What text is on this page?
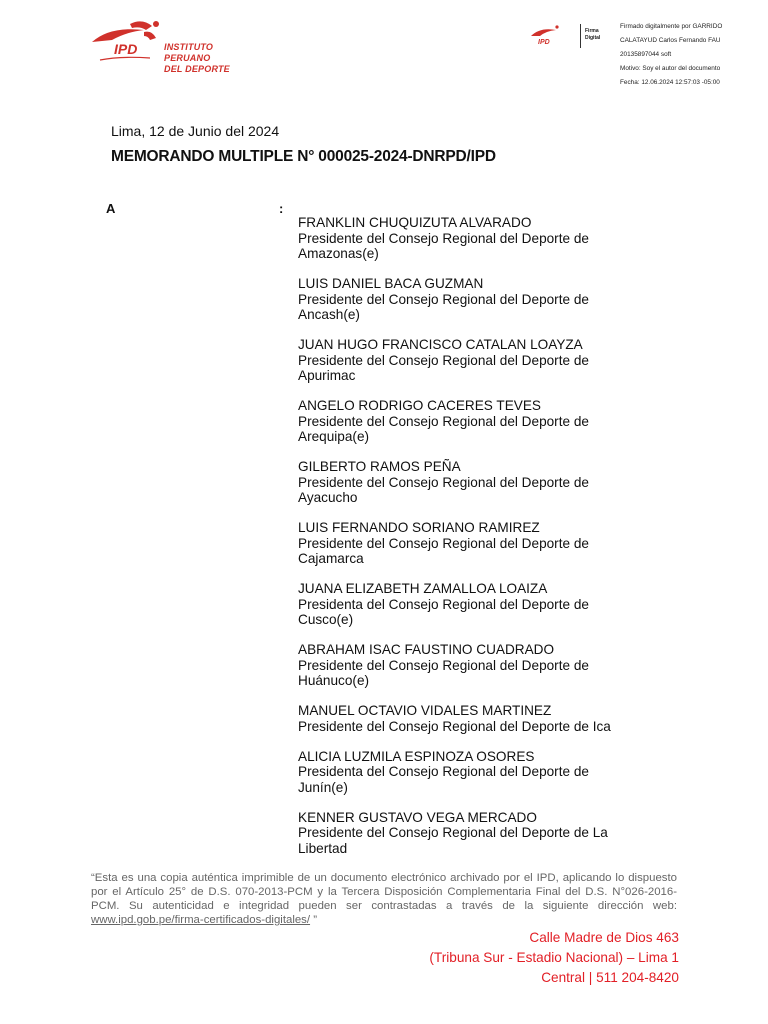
IPD	INSTITUTO
PERUANO
DEL DEPORTE
IPD
Firma
Digital

Firmado digitalmente por GARRIDO

CALATAYUD Carlos Fernando FAU

20135897044 soft

Motivo: Soy el autor del documento

Fecha: 12.06.2024 12:57:03 -05:00

Lima, 12 de Junio del 2024
MEMORANDO MULTIPLE N° 000025-2024-DNRPD/IPD
A	:
FRANKLIN CHUQUIZUTA ALVARADO
Presidente del Consejo Regional del Deporte de Amazonas(e)
LUIS DANIEL BACA GUZMAN
Presidente del Consejo Regional del Deporte de Ancash(e)
JUAN HUGO FRANCISCO CATALAN LOAYZA
Presidente del Consejo Regional del Deporte de Apurimac
ANGELO RODRIGO CACERES TEVES
Presidente del Consejo Regional del Deporte de Arequipa(e)
GILBERTO RAMOS PEÑA
Presidente del Consejo Regional del Deporte de Ayacucho
LUIS FERNANDO SORIANO RAMIREZ
Presidente del Consejo Regional del Deporte de Cajamarca
JUANA ELIZABETH ZAMALLOA LOAIZA
Presidenta del Consejo Regional del Deporte de Cusco(e)
ABRAHAM ISAC FAUSTINO CUADRADO
Presidente del Consejo Regional del Deporte de Huánuco(e)
MANUEL OCTAVIO VIDALES MARTINEZ
Presidente del Consejo Regional del Deporte de Ica
ALICIA LUZMILA ESPINOZA OSORES
Presidenta del Consejo Regional del Deporte de Junín(e)
KENNER GUSTAVO VEGA MERCADO
Presidente del Consejo Regional del Deporte de La Libertad
“Esta es una copia auténtica imprimible de un documento electrónico archivado por el IPD, aplicando lo dispuesto por el Artículo 25° de D.S. 070-2013-PCM y la Tercera Disposición Complementaria Final del D.S. N°026-2016-PCM. Su autenticidad e integridad pueden ser contrastadas a través de la siguiente dirección web: www.ipd.gob.pe/firma-certificados-digitales/ ”
Calle Madre de Dios 463
(Tribuna Sur - Estadio Nacional) – Lima 1
Central | 511 204-8420
